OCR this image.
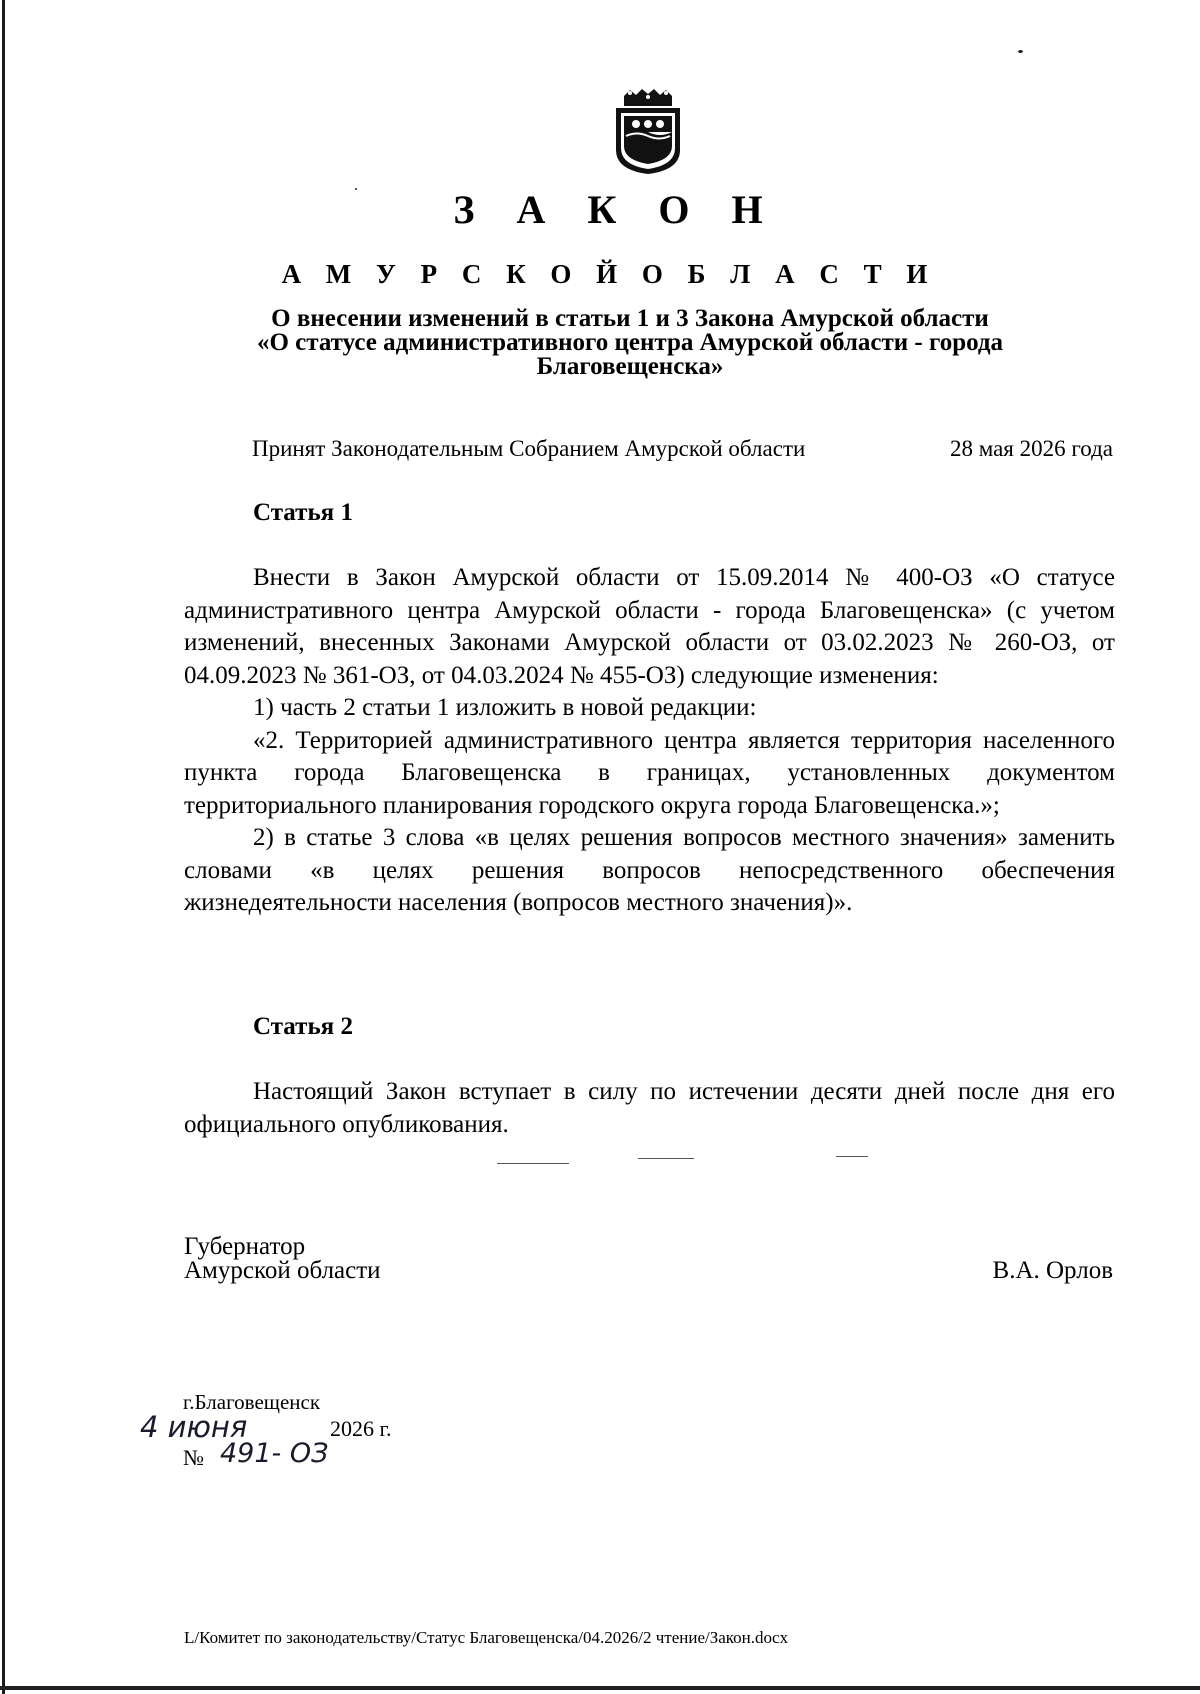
З А К О Н
А М У Р С К О Й О Б Л А С Т И
О внесении изменений в статьи 1 и 3 Закона Амурской области
«О статусе административного центра Амурской области - города
Благовещенска»
Принят Законодательным Собранием Амурской области	28 мая 2026 года
Статья 1

Внести в Закон Амурской области от 15.09.2014 № 400-ОЗ «О статусе административного центра Амурской области - города Благовещенска» (с учетом изменений, внесенных Законами Амурской области от 03.02.2023 № 260-ОЗ, от 04.09.2023 № 361-ОЗ, от 04.03.2024 № 455-ОЗ) следующие изменения:

1) часть 2 статьи 1 изложить в новой редакции:

«2. Территорией административного центра является территория населенного пункта города Благовещенска в границах, установленных документом территориального планирования городского округа города Благовещенска.»;

2) в статье 3 слова «в целях решения вопросов местного значения» заменить словами «в целях решения вопросов непосредственного обеспечения жизнедеятельности населения (вопросов местного значения)».

Статья 2

Настоящий Закон вступает в силу по истечении десяти дней после дня его официального опубликования.

Губернатор
Амурской области	В.А. Орлов
г.Благовещенск
4 июня	2026 г.
№ 491- ОЗ
L/Комитет по законодательству/Статус Благовещенска/04.2026/2 чтение/Закон.docx
